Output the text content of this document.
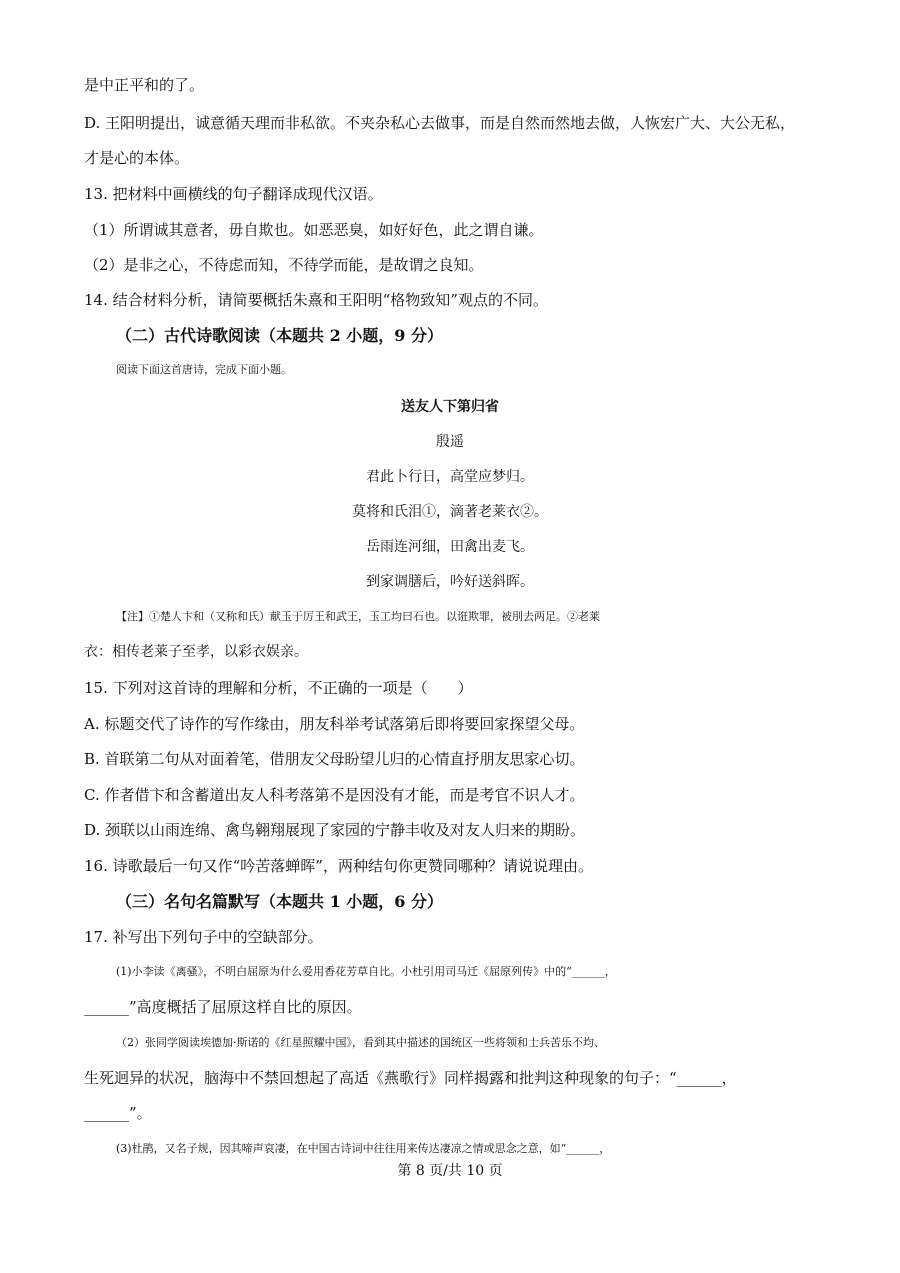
是中正平和的了。
D. 王阳明提出，诚意循天理而非私欲。不夹杂私心去做事，而是自然而然地去做，人恢宏广大、大公无私，
才是心的本体。
13. 把材料中画横线的句子翻译成现代汉语。
（1）所谓诚其意者，毋自欺也。如恶恶臭，如好好色，此之谓自谦。
（2）是非之心，不待虑而知，不待学而能，是故谓之良知。
14. 结合材料分析，请简要概括朱熹和王阳明“格物致知”观点的不同。
（二）古代诗歌阅读（本题共 2 小题，9 分）
阅读下面这首唐诗，完成下面小题。
送友人下第归省
殷遥
君此卜行日，高堂应梦归。
莫将和氏泪①，滴著老莱衣②。
岳雨连河细，田禽出麦飞。
到家调膳后，吟好送斜晖。
【注】①楚人卞和（又称和氏）献玉于厉王和武王，玉工均曰石也。以诳欺罪，被刖去两足。②老莱
衣：相传老莱子至孝，以彩衣娱亲。
15. 下列对这首诗的理解和分析，不正确的一项是（　　）
A. 标题交代了诗作的写作缘由，朋友科举考试落第后即将要回家探望父母。
B. 首联第二句从对面着笔，借朋友父母盼望儿归的心情直抒朋友思家心切。
C. 作者借卞和含蓄道出友人科考落第不是因没有才能，而是考官不识人才。
D. 颈联以山雨连绵、禽鸟翱翔展现了家园的宁静丰收及对友人归来的期盼。
16. 诗歌最后一句又作“吟苦落蝉晖”，两种结句你更赞同哪种？请说说理由。
（三）名句名篇默写（本题共 1 小题，6 分）
17. 补写出下列句子中的空缺部分。
(1)小李读《离骚》，不明白屈原为什么爱用香花芳草自比。小杜引用司马迁《屈原列传》中的“______，
______”高度概括了屈原这样自比的原因。
（2）张同学阅读埃德加·斯诺的《红星照耀中国》，看到其中描述的国统区一些将领和士兵苦乐不均、
生死迥异的状况，脑海中不禁回想起了高适《燕歌行》同样揭露和批判这种现象的句子：“______，
______”。
(3)杜鹃，又名子规，因其啼声哀凄，在中国古诗词中往往用来传达凄凉之情或思念之意，如“______，
第 8 页/共 10 页
